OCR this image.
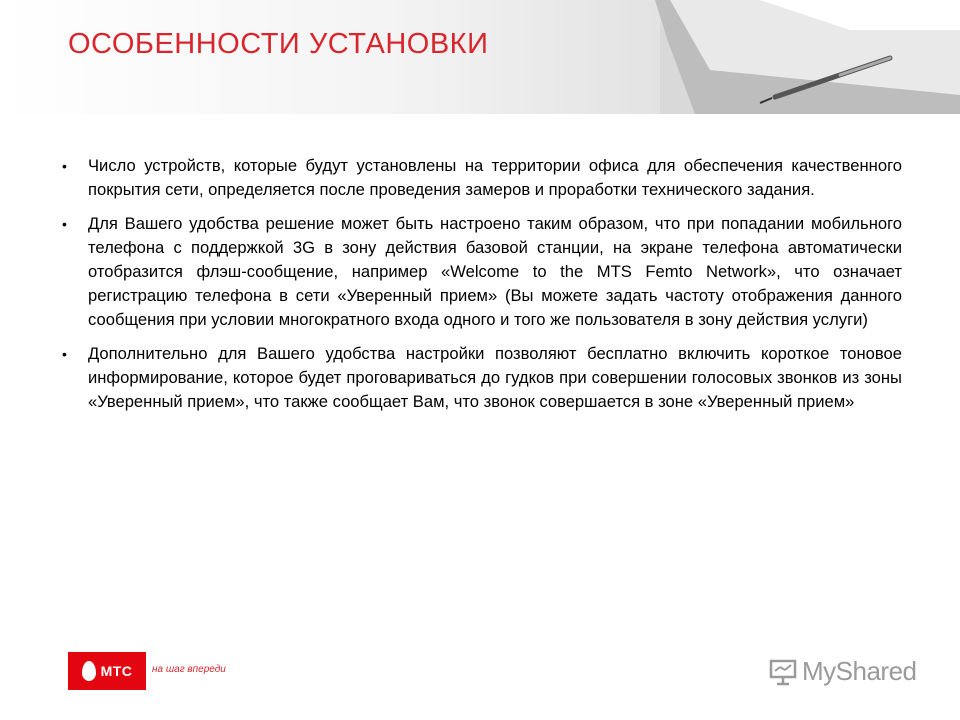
ОСОБЕННОСТИ УСТАНОВКИ
• Число устройств, которые будут установлены на территории офиса для обеспечения качественного покрытия сети, определяется после проведения замеров и проработки технического задания.
• Для Вашего удобства решение может быть настроено таким образом, что при попадании мобильного телефона с поддержкой 3G в зону действия базовой станции, на экране телефона автоматически отобразится флэш-сообщение, например «Welcome to the MTS Femto Network», что означает регистрацию телефона в сети «Уверенный прием» (Вы можете задать частоту отображения данного сообщения при условии многократного входа одного и того же пользователя в зону действия услуги)
• Дополнительно для Вашего удобства настройки позволяют бесплатно включить короткое тоновое информирование, которое будет проговариваться до гудков при совершении голосовых звонков из зоны «Уверенный прием», что также сообщает Вам, что звонок совершается в зоне «Уверенный прием»
МТС на шаг впереди	MyShared
